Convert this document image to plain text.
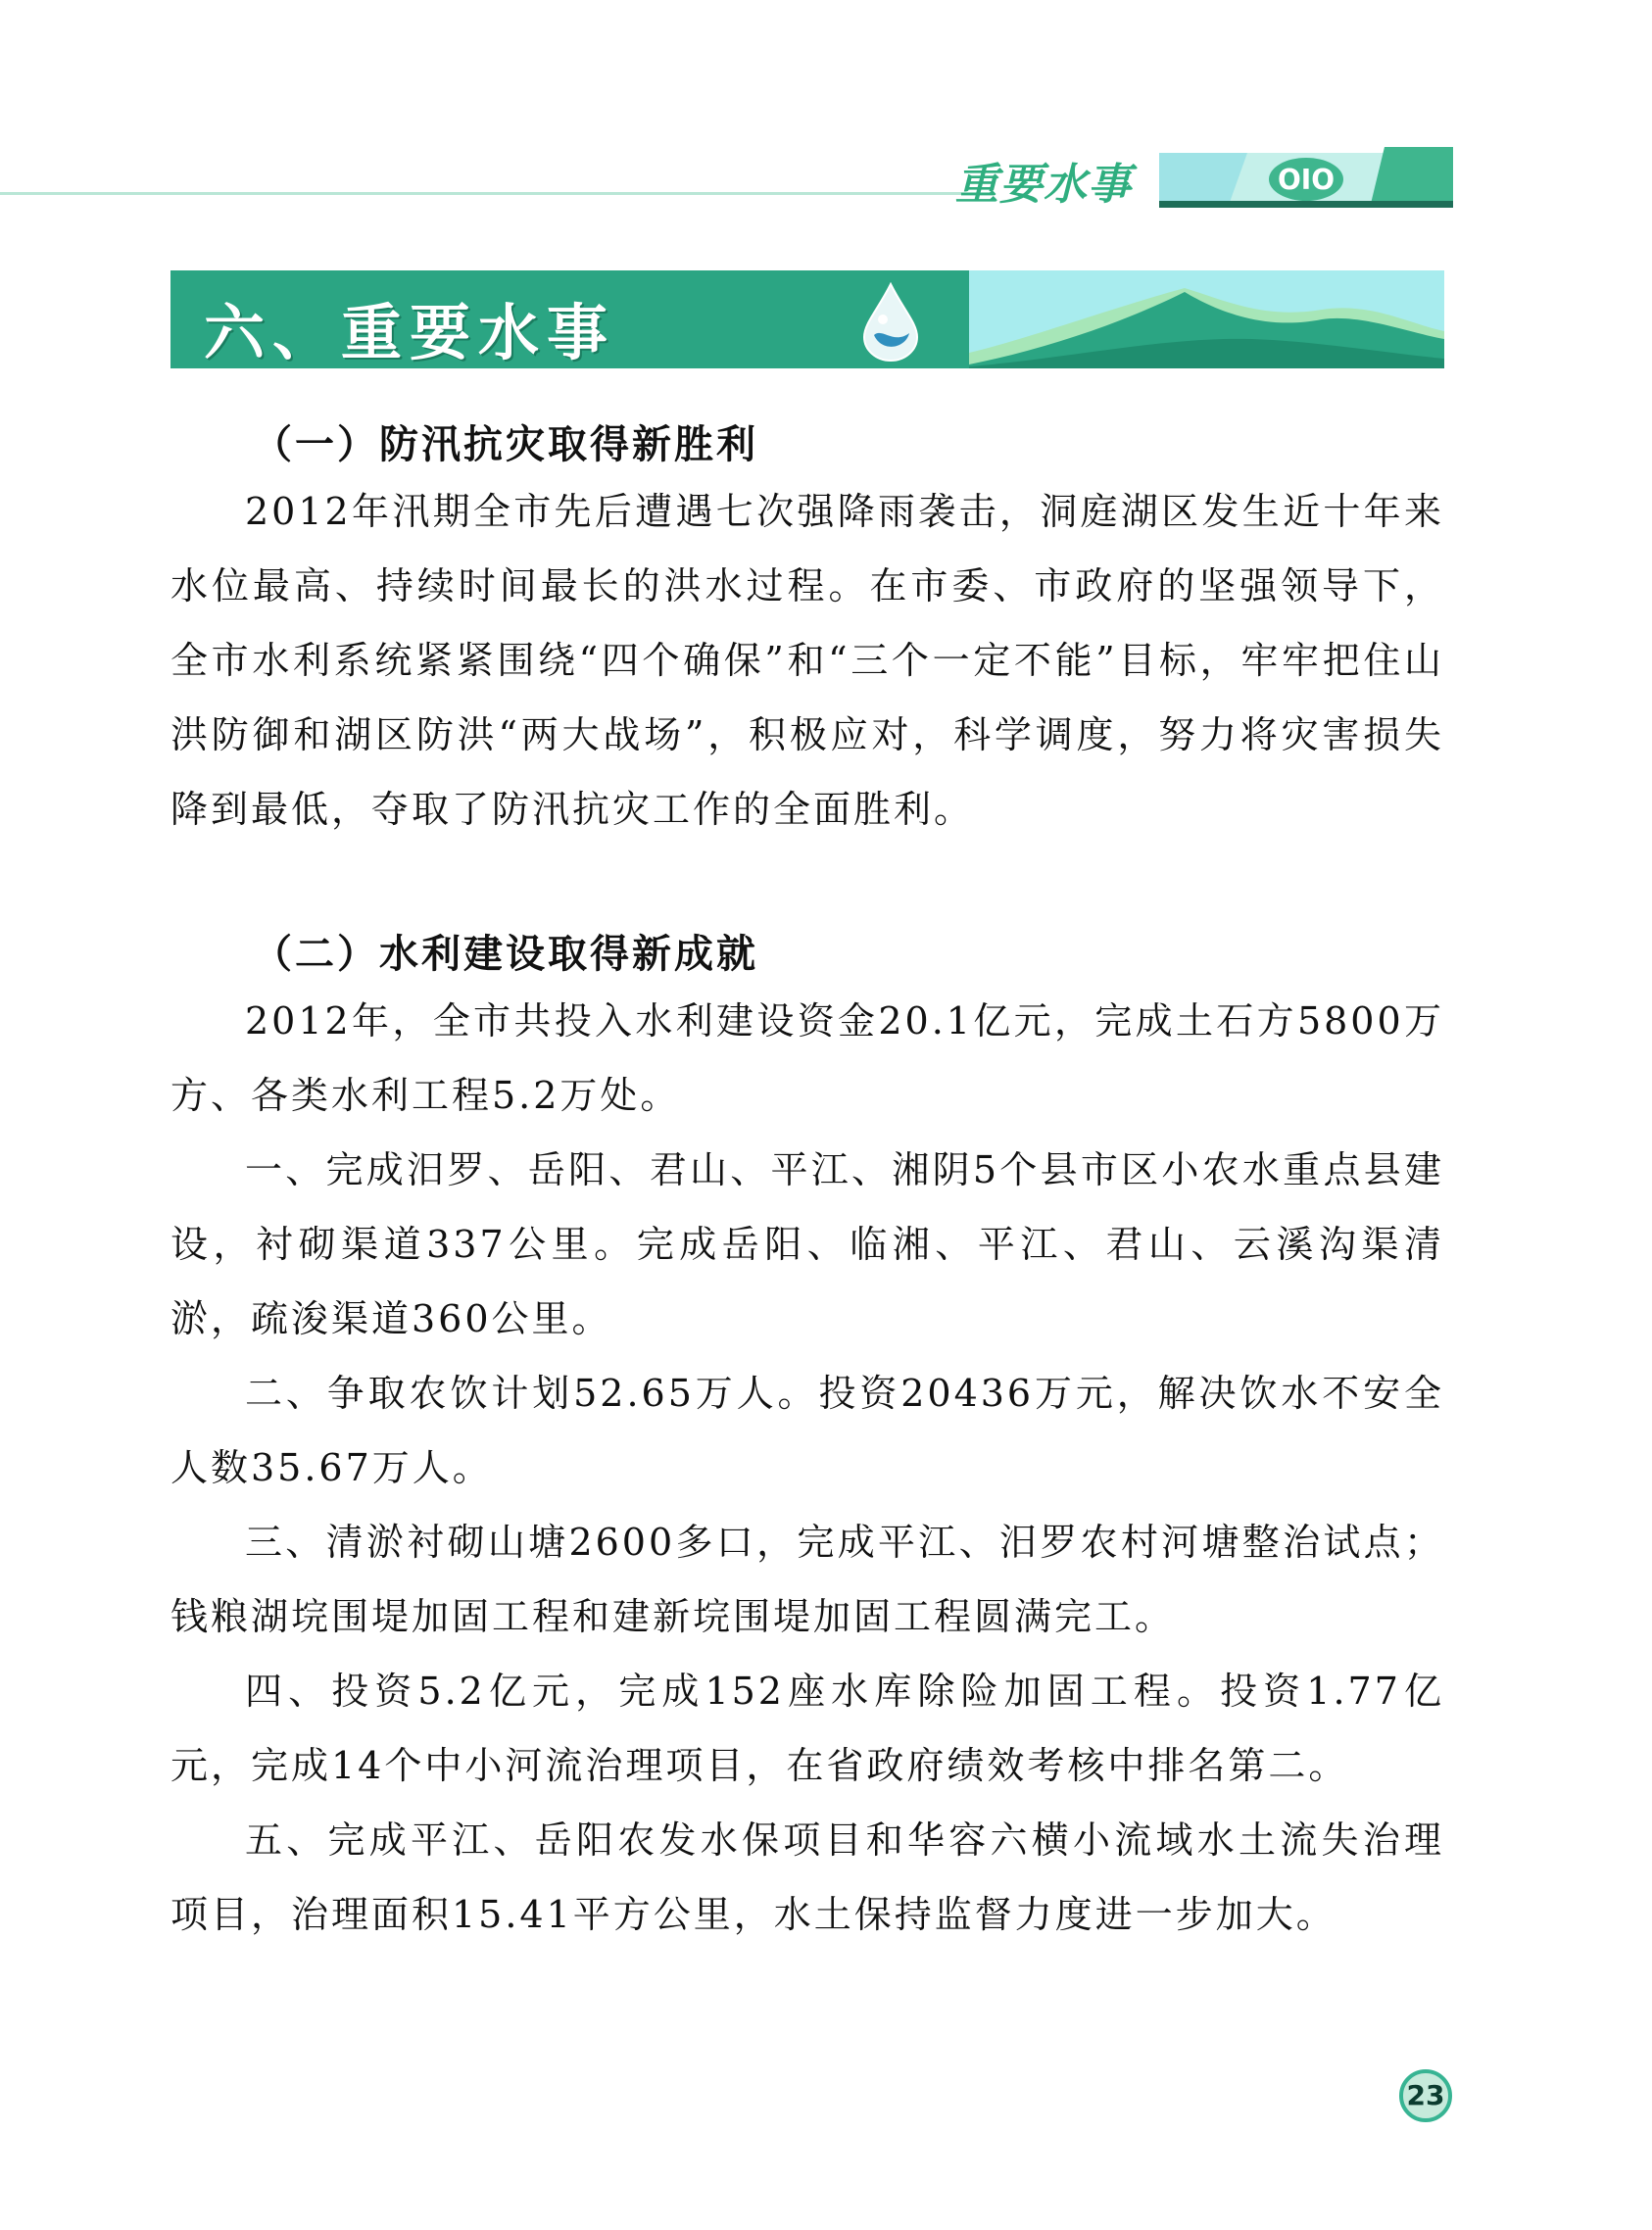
重要水事	ΟΙΟ
六、重要水事
（一）防汛抗灾取得新胜利

2012年汛期全市先后遭遇七次强降雨袭击，洞庭湖区发生近十年来水位最高、持续时间最长的洪水过程。在市委、市政府的坚强领导下，全市水利系统紧紧围绕“四个确保”和“三个一定不能”目标，牢牢把住山洪防御和湖区防洪“两大战场”，积极应对，科学调度，努力将灾害损失降到最低，夺取了防汛抗灾工作的全面胜利。

（二）水利建设取得新成就

2012年，全市共投入水利建设资金20.1亿元，完成土石方5800万方、各类水利工程5.2万处。

一、完成汨罗、岳阳、君山、平江、湘阴5个县市区小农水重点县建设，衬砌渠道337公里。完成岳阳、临湘、平江、君山、云溪沟渠清淤，疏浚渠道360公里。

二、争取农饮计划52.65万人。投资20436万元，解决饮水不安全人数35.67万人。

三、清淤衬砌山塘2600多口，完成平江、汨罗农村河塘整治试点；钱粮湖垸围堤加固工程和建新垸围堤加固工程圆满完工。

四、投资5.2亿元，完成152座水库除险加固工程。投资1.77亿元，完成14个中小河流治理项目，在省政府绩效考核中排名第二。

五、完成平江、岳阳农发水保项目和华容六横小流域水土流失治理项目，治理面积15.41平方公里，水土保持监督力度进一步加大。

23
